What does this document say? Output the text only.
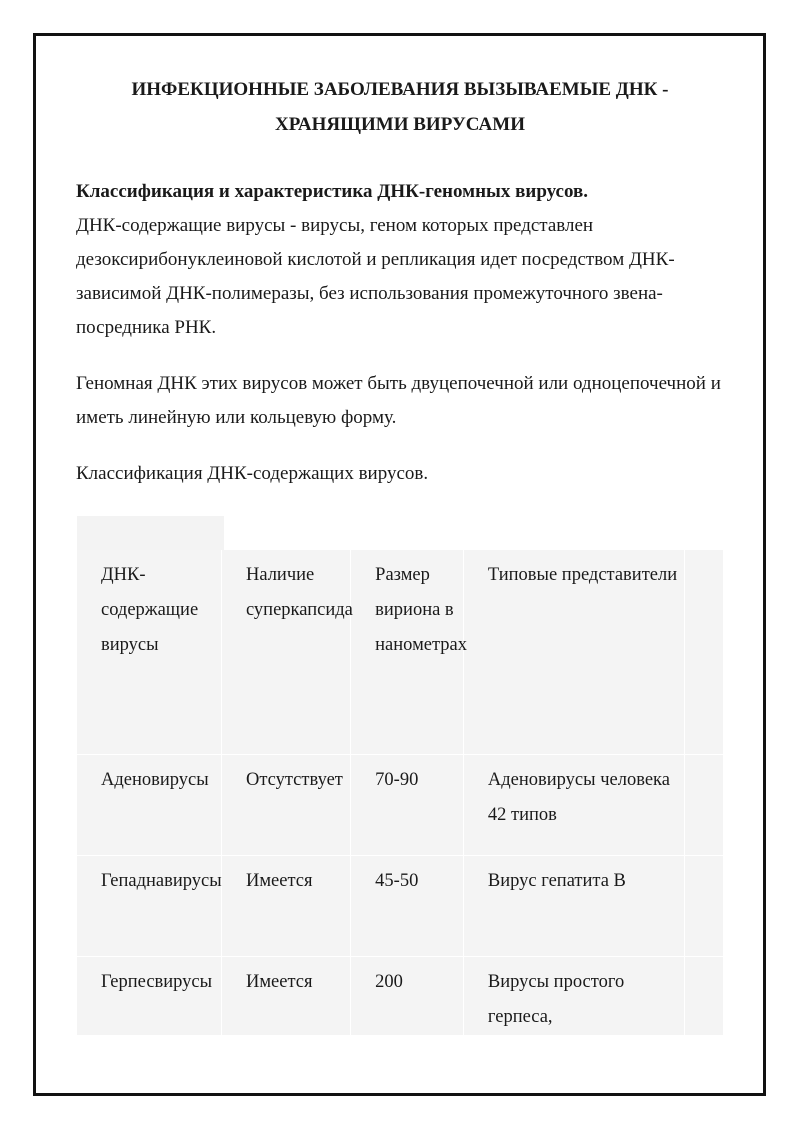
ИНФЕКЦИОННЫЕ ЗАБОЛЕВАНИЯ ВЫЗЫВАЕМЫЕ ДНК - ХРАНЯЩИМИ ВИРУСАМИ
Классификация и характеристика ДНК-геномных вирусов.
ДНК-содержащие вирусы - вирусы, геном которых представлен дезоксирибонуклеиновой кислотой и репликация идет посредством ДНК-зависимой ДНК-полимеразы, без использования промежуточного звена-посредника РНК.

Геномная ДНК этих вирусов может быть двуцепочечной или одноцепочечной и иметь линейную или кольцевую форму.

Классификация ДНК-содержащих вирусов.

ДНК-содержащие вирусы	Наличие суперкапсида	Размер вириона в нанометрах	Типовые представители	
Аденовирусы	Отсутствует	70-90	Аденовирусы человека 42 типов	
Гепаднавирусы	Имеется	45-50	Вирус гепатита В	
Герпесвирусы	Имеется	200	Вирусы простого герпеса,	
